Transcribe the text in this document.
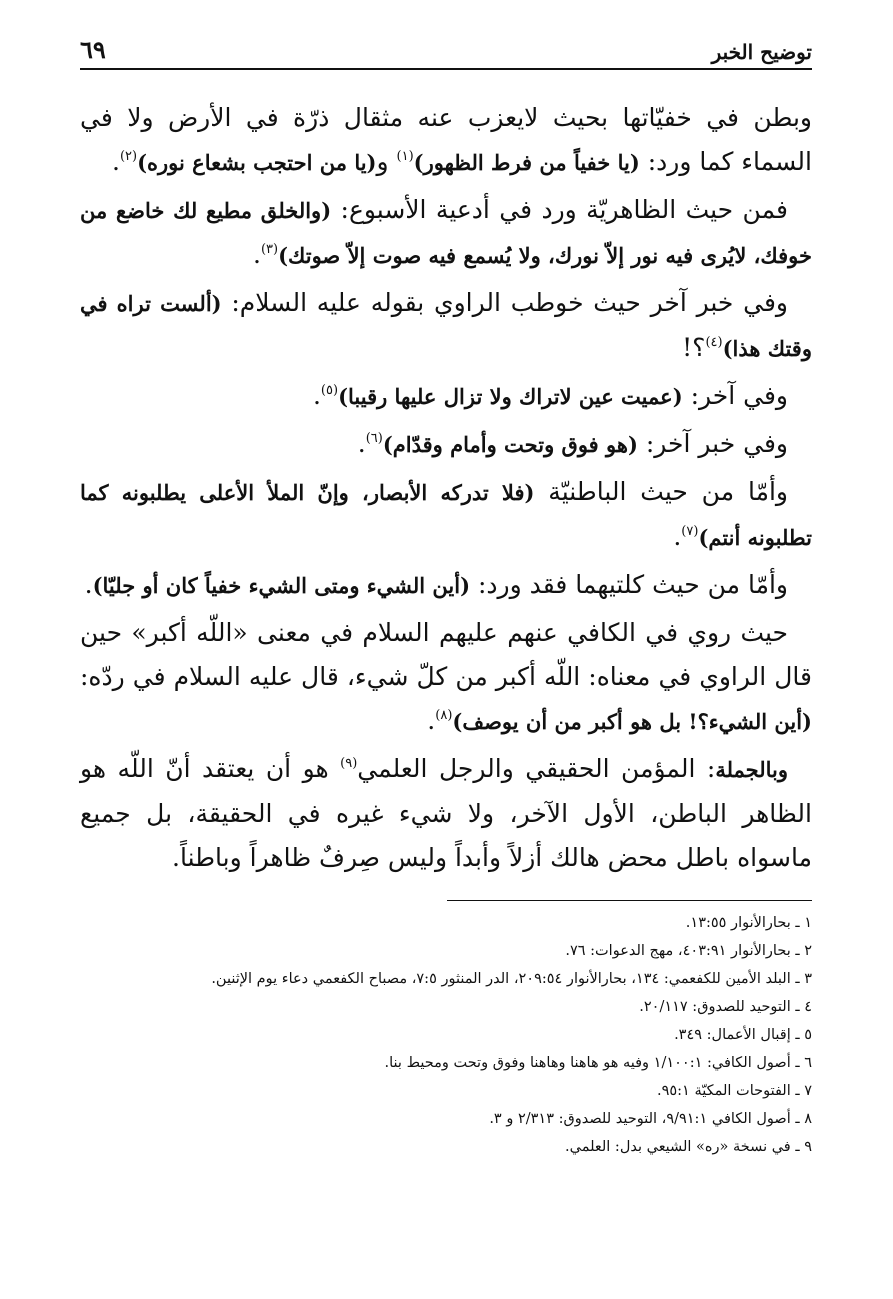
توضيح الخبر
٦٩

وبطن في خفيّاتها بحيث لايعزب عنه مثقال ذرّة في الأرض ولا في السماء كما ورد: (يا خفياً من فرط الظهور)$^{(١)}$ و(يا من احتجب بشعاع نوره)$^{(٢)}$.

فمن حيث الظاهريّة ورد في أدعية الأسبوع: (والخلق مطيع لك خاضع من خوفك، لايُرى فيه نور إلاّ نورك، ولا يُسمع فيه صوت إلاّ صوتك)$^{(٣)}$.

وفي خبر آخر حيث خوطب الراوي بقوله عليه السلام: (ألست تراه في وقتك هذا)$^{(٤)}$؟!

وفي آخر: (عميت عين لاتراك ولا تزال عليها رقيبا)$^{(٥)}$.

وفي خبر آخر: (هو فوق وتحت وأمام وقدّام)$^{(٦)}$.

وأمّا من حيث الباطنيّة (فلا تدركه الأبصار، وإنّ الملأ الأعلى يطلبونه كما تطلبونه أنتم)$^{(٧)}$.

وأمّا من حيث كلتيهما فقد ورد: (أين الشيء ومتى الشيء خفياً كان أو جليّا).

حيث روي في الكافي عنهم عليهم السلام في معنى «اللّه أكبر» حين قال الراوي في معناه: اللّه أكبر من كلّ شيء، قال عليه السلام في ردّه: (أين الشيء؟! بل هو أكبر من أن يوصف)$^{(٨)}$.

وبالجملة: المؤمن الحقيقي والرجل العلمي$^{(٩)}$ هو أن يعتقد أنّ اللّه هو الظاهر الباطن، الأول الآخر، ولا شيء غيره في الحقيقة، بل جميع ماسواه باطل محض هالك أزلاً وأبداً وليس صِرفٌ ظاهراً وباطناً.

١ ـ بحارالأنوار ١٣:٥٥.
٢ ـ بحارالأنوار ٤٠٣:٩١، مهج الدعوات: ٧٦.
٣ ـ البلد الأمين للكفعمي: ١٣٤، بحارالأنوار ٢٠٩:٥٤، الدر المنثور ٧:٥، مصباح الكفعمي دعاء يوم الإثنين.
٤ ـ التوحيد للصدوق: ٢٠/١١٧.
٥ ـ إقبال الأعمال: ٣٤٩.
٦ ـ أصول الكافي: ١/١٠٠:١ وفيه هو هاهنا وهاهنا وفوق وتحت ومحيط بنا.
٧ ـ الفتوحات المكيّة ٩٥:١.
٨ ـ أصول الكافي ٩/٩١:١، التوحيد للصدوق: ٢/٣١٣ و ٣.
٩ ـ في نسخة «ره» الشيعي بدل: العلمي.
